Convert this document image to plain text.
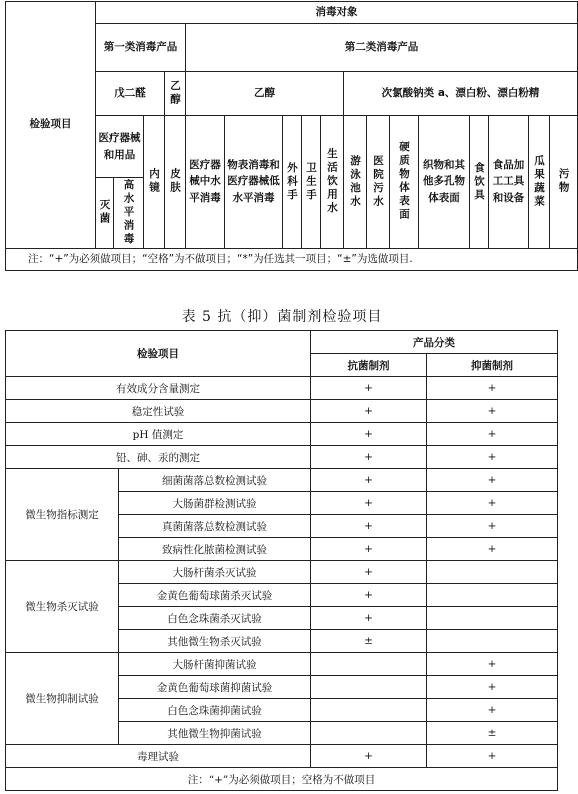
检验项目	消毒对象																
	第一类消毒产品				第二类消毒产品												
	戊二醛			乙醇	乙醇					次氯酸钠类 a、漂白粉、漂白粉精							
	医疗器械和用品		内镜	皮肤	医疗器械中水平消毒	物表消毒和医疗器械低水平消毒	外科手	卫生手	生活饮用水	游泳池水	医院污水	硬质物体表面	织物和其他多孔物体表面	食饮具	食品加工工具和设备	瓜果蔬菜	污物
	灭菌	高水平消毒															
注：“+”为必须做项目；“空格”为不做项目；“*”为任选其一项目；“±”为选做项目.																	
表 5 抗（抑）菌制剂检验项目
检验项目		产品分类	
		抗菌制剂	抑菌制剂
有效成分含量测定		+	+
稳定性试验		+	+
pH 值测定		+	+
铅、砷、汞的测定		+	+
微生物指标测定	细菌菌落总数检测试验	+	+
	大肠菌群检测试验	+	+
	真菌菌落总数检测试验	+	+
	致病性化脓菌检测试验	+	+
微生物杀灭试验	大肠杆菌杀灭试验	+	
	金黄色葡萄球菌杀灭试验	+	
	白色念珠菌杀灭试验	+	
	其他微生物杀灭试验	±	
微生物抑制试验	大肠杆菌抑菌试验		+
	金黄色葡萄球菌抑菌试验		+
	白色念珠菌抑菌试验		+
	其他微生物抑菌试验		±
毒理试验		+	+
注：“+”为必须做项目；空格为不做项目			
